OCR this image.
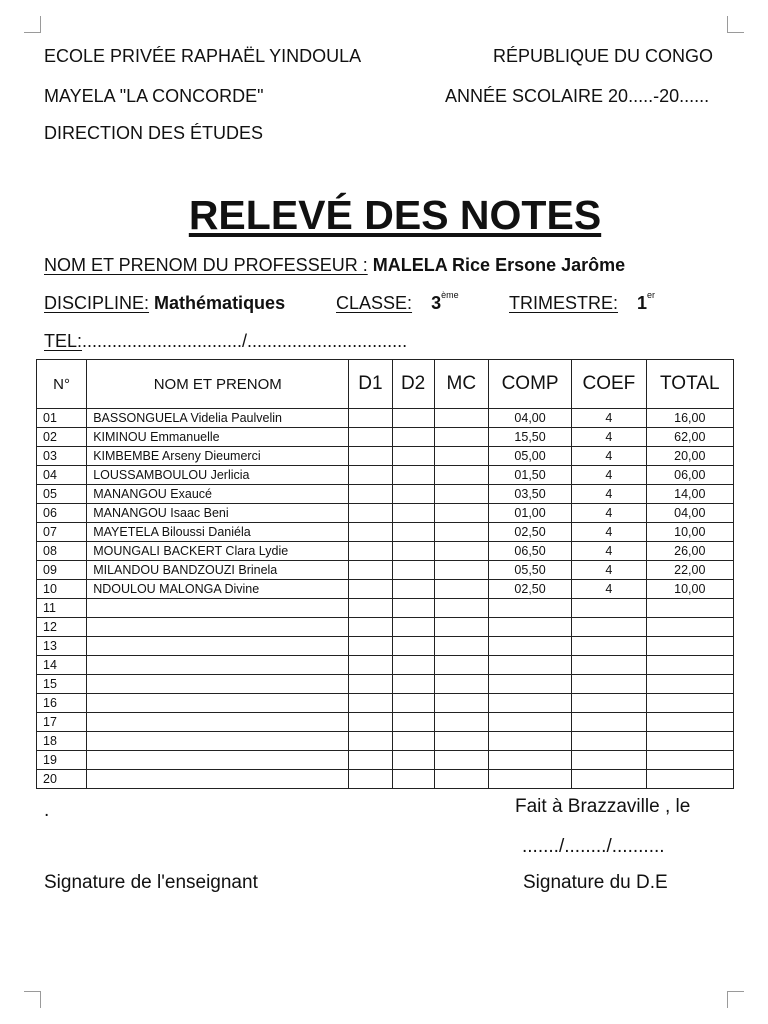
ECOLE PRIVÉE RAPHAËL YINDOULA
MAYELA "LA CONCORDE"
DIRECTION DES ÉTUDES
RÉPUBLIQUE DU CONGO
ANNÉE SCOLAIRE 20.....-20......
RELEVÉ DES NOTES
NOM ET PRENOM DU PROFESSEUR : MALELA Rice Ersone Jarôme
DISCIPLINE: Mathématiques	CLASSE: 3ème	TRIMESTRE: 1er
TEL:................................/................................
N°	NOM ET PRENOM	D1	D2	MC	COMP	COEF	TOTAL
01	BASSONGUELA Videlia Paulvelin				04,00	4	16,00
02	KIMINOU Emmanuelle				15,50	4	62,00
03	KIMBEMBE Arseny Dieumerci				05,00	4	20,00
04	LOUSSAMBOULOU Jerlicia				01,50	4	06,00
05	MANANGOU Exaucé				03,50	4	14,00
06	MANANGOU Isaac Beni				01,00	4	04,00
07	MAYETELA Biloussi Daniéla				02,50	4	10,00
08	MOUNGALI BACKERT Clara Lydie				06,50	4	26,00
09	MILANDOU BANDZOUZI Brinela				05,50	4	22,00
10	NDOULOU MALONGA Divine				02,50	4	10,00
11							
12							
13							
14							
15							
16							
17							
18							
19							
20							
.	Fait à Brazzaville , le
......./......../..........
Signature de l'enseignant	Signature du D.E
